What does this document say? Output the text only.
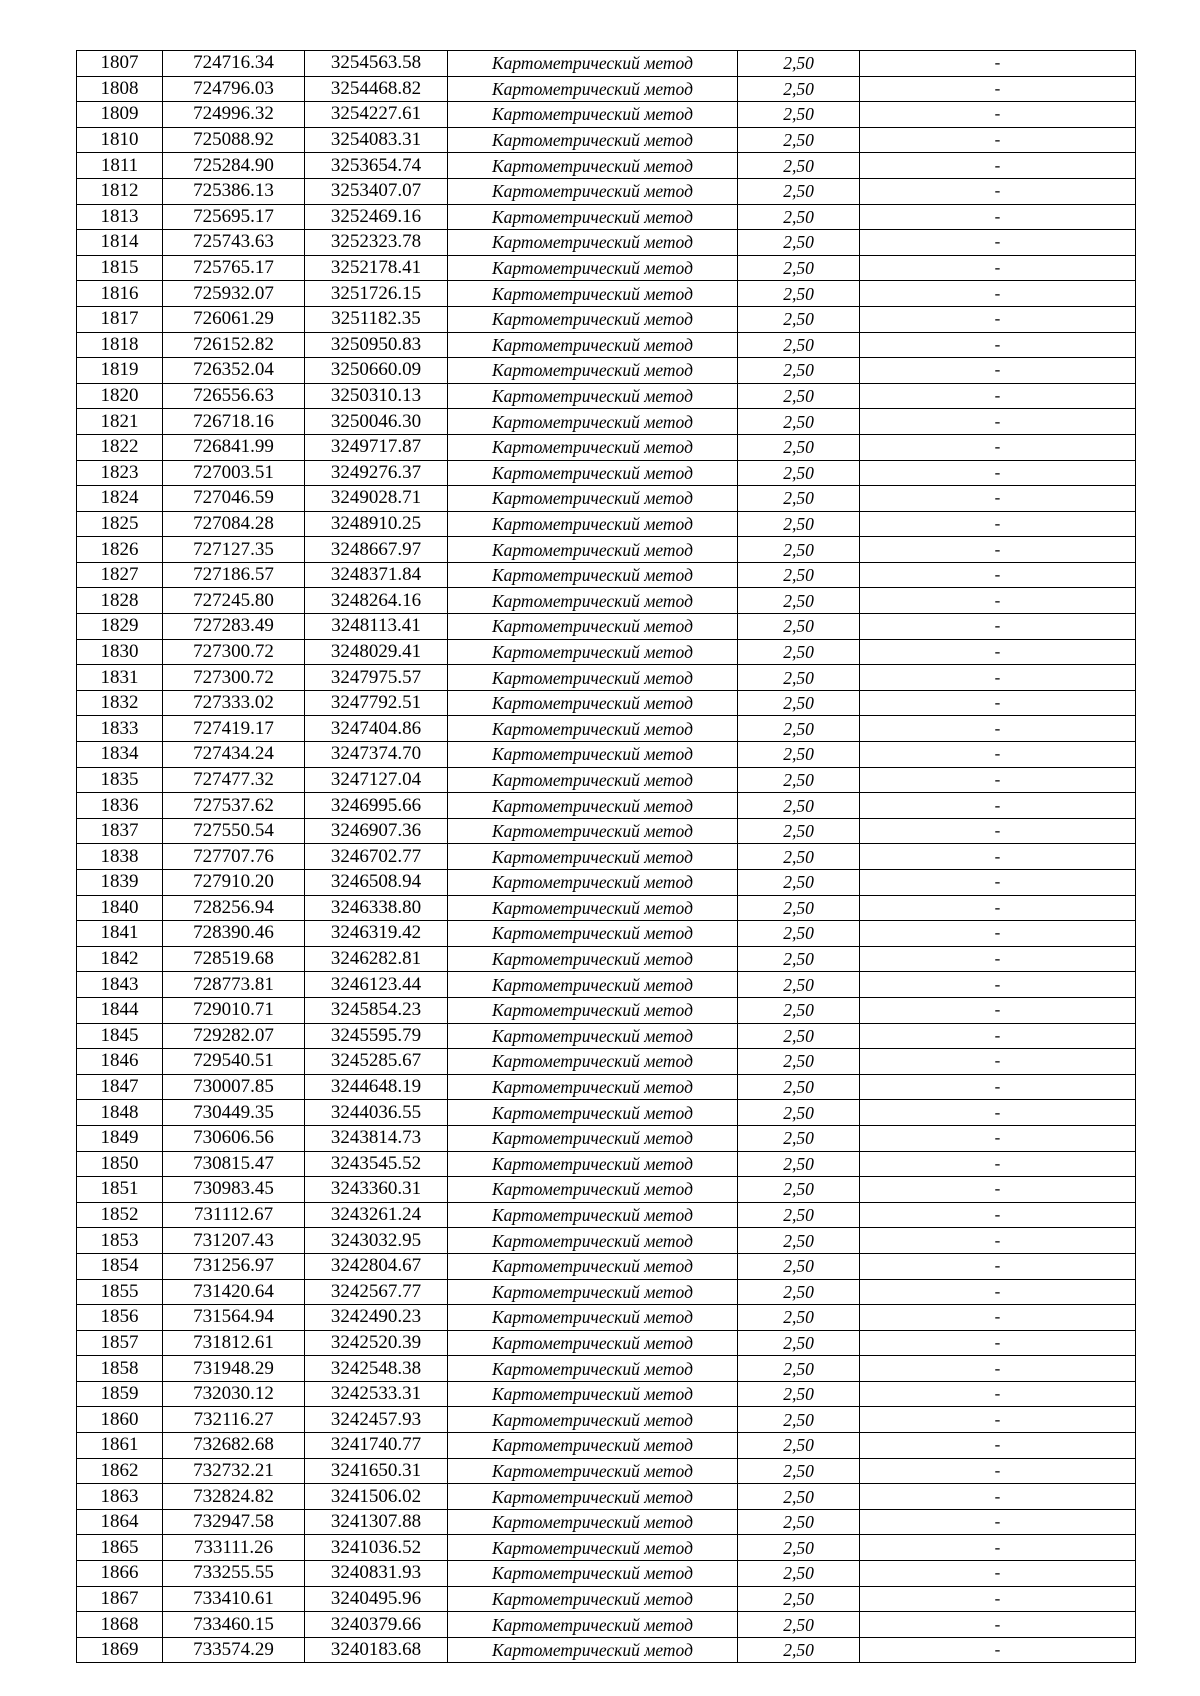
1807	724716.34	3254563.58	Картометрический метод	2,50	-
1808	724796.03	3254468.82	Картометрический метод	2,50	-
1809	724996.32	3254227.61	Картометрический метод	2,50	-
1810	725088.92	3254083.31	Картометрический метод	2,50	-
1811	725284.90	3253654.74	Картометрический метод	2,50	-
1812	725386.13	3253407.07	Картометрический метод	2,50	-
1813	725695.17	3252469.16	Картометрический метод	2,50	-
1814	725743.63	3252323.78	Картометрический метод	2,50	-
1815	725765.17	3252178.41	Картометрический метод	2,50	-
1816	725932.07	3251726.15	Картометрический метод	2,50	-
1817	726061.29	3251182.35	Картометрический метод	2,50	-
1818	726152.82	3250950.83	Картометрический метод	2,50	-
1819	726352.04	3250660.09	Картометрический метод	2,50	-
1820	726556.63	3250310.13	Картометрический метод	2,50	-
1821	726718.16	3250046.30	Картометрический метод	2,50	-
1822	726841.99	3249717.87	Картометрический метод	2,50	-
1823	727003.51	3249276.37	Картометрический метод	2,50	-
1824	727046.59	3249028.71	Картометрический метод	2,50	-
1825	727084.28	3248910.25	Картометрический метод	2,50	-
1826	727127.35	3248667.97	Картометрический метод	2,50	-
1827	727186.57	3248371.84	Картометрический метод	2,50	-
1828	727245.80	3248264.16	Картометрический метод	2,50	-
1829	727283.49	3248113.41	Картометрический метод	2,50	-
1830	727300.72	3248029.41	Картометрический метод	2,50	-
1831	727300.72	3247975.57	Картометрический метод	2,50	-
1832	727333.02	3247792.51	Картометрический метод	2,50	-
1833	727419.17	3247404.86	Картометрический метод	2,50	-
1834	727434.24	3247374.70	Картометрический метод	2,50	-
1835	727477.32	3247127.04	Картометрический метод	2,50	-
1836	727537.62	3246995.66	Картометрический метод	2,50	-
1837	727550.54	3246907.36	Картометрический метод	2,50	-
1838	727707.76	3246702.77	Картометрический метод	2,50	-
1839	727910.20	3246508.94	Картометрический метод	2,50	-
1840	728256.94	3246338.80	Картометрический метод	2,50	-
1841	728390.46	3246319.42	Картометрический метод	2,50	-
1842	728519.68	3246282.81	Картометрический метод	2,50	-
1843	728773.81	3246123.44	Картометрический метод	2,50	-
1844	729010.71	3245854.23	Картометрический метод	2,50	-
1845	729282.07	3245595.79	Картометрический метод	2,50	-
1846	729540.51	3245285.67	Картометрический метод	2,50	-
1847	730007.85	3244648.19	Картометрический метод	2,50	-
1848	730449.35	3244036.55	Картометрический метод	2,50	-
1849	730606.56	3243814.73	Картометрический метод	2,50	-
1850	730815.47	3243545.52	Картометрический метод	2,50	-
1851	730983.45	3243360.31	Картометрический метод	2,50	-
1852	731112.67	3243261.24	Картометрический метод	2,50	-
1853	731207.43	3243032.95	Картометрический метод	2,50	-
1854	731256.97	3242804.67	Картометрический метод	2,50	-
1855	731420.64	3242567.77	Картометрический метод	2,50	-
1856	731564.94	3242490.23	Картометрический метод	2,50	-
1857	731812.61	3242520.39	Картометрический метод	2,50	-
1858	731948.29	3242548.38	Картометрический метод	2,50	-
1859	732030.12	3242533.31	Картометрический метод	2,50	-
1860	732116.27	3242457.93	Картометрический метод	2,50	-
1861	732682.68	3241740.77	Картометрический метод	2,50	-
1862	732732.21	3241650.31	Картометрический метод	2,50	-
1863	732824.82	3241506.02	Картометрический метод	2,50	-
1864	732947.58	3241307.88	Картометрический метод	2,50	-
1865	733111.26	3241036.52	Картометрический метод	2,50	-
1866	733255.55	3240831.93	Картометрический метод	2,50	-
1867	733410.61	3240495.96	Картометрический метод	2,50	-
1868	733460.15	3240379.66	Картометрический метод	2,50	-
1869	733574.29	3240183.68	Картометрический метод	2,50	-
